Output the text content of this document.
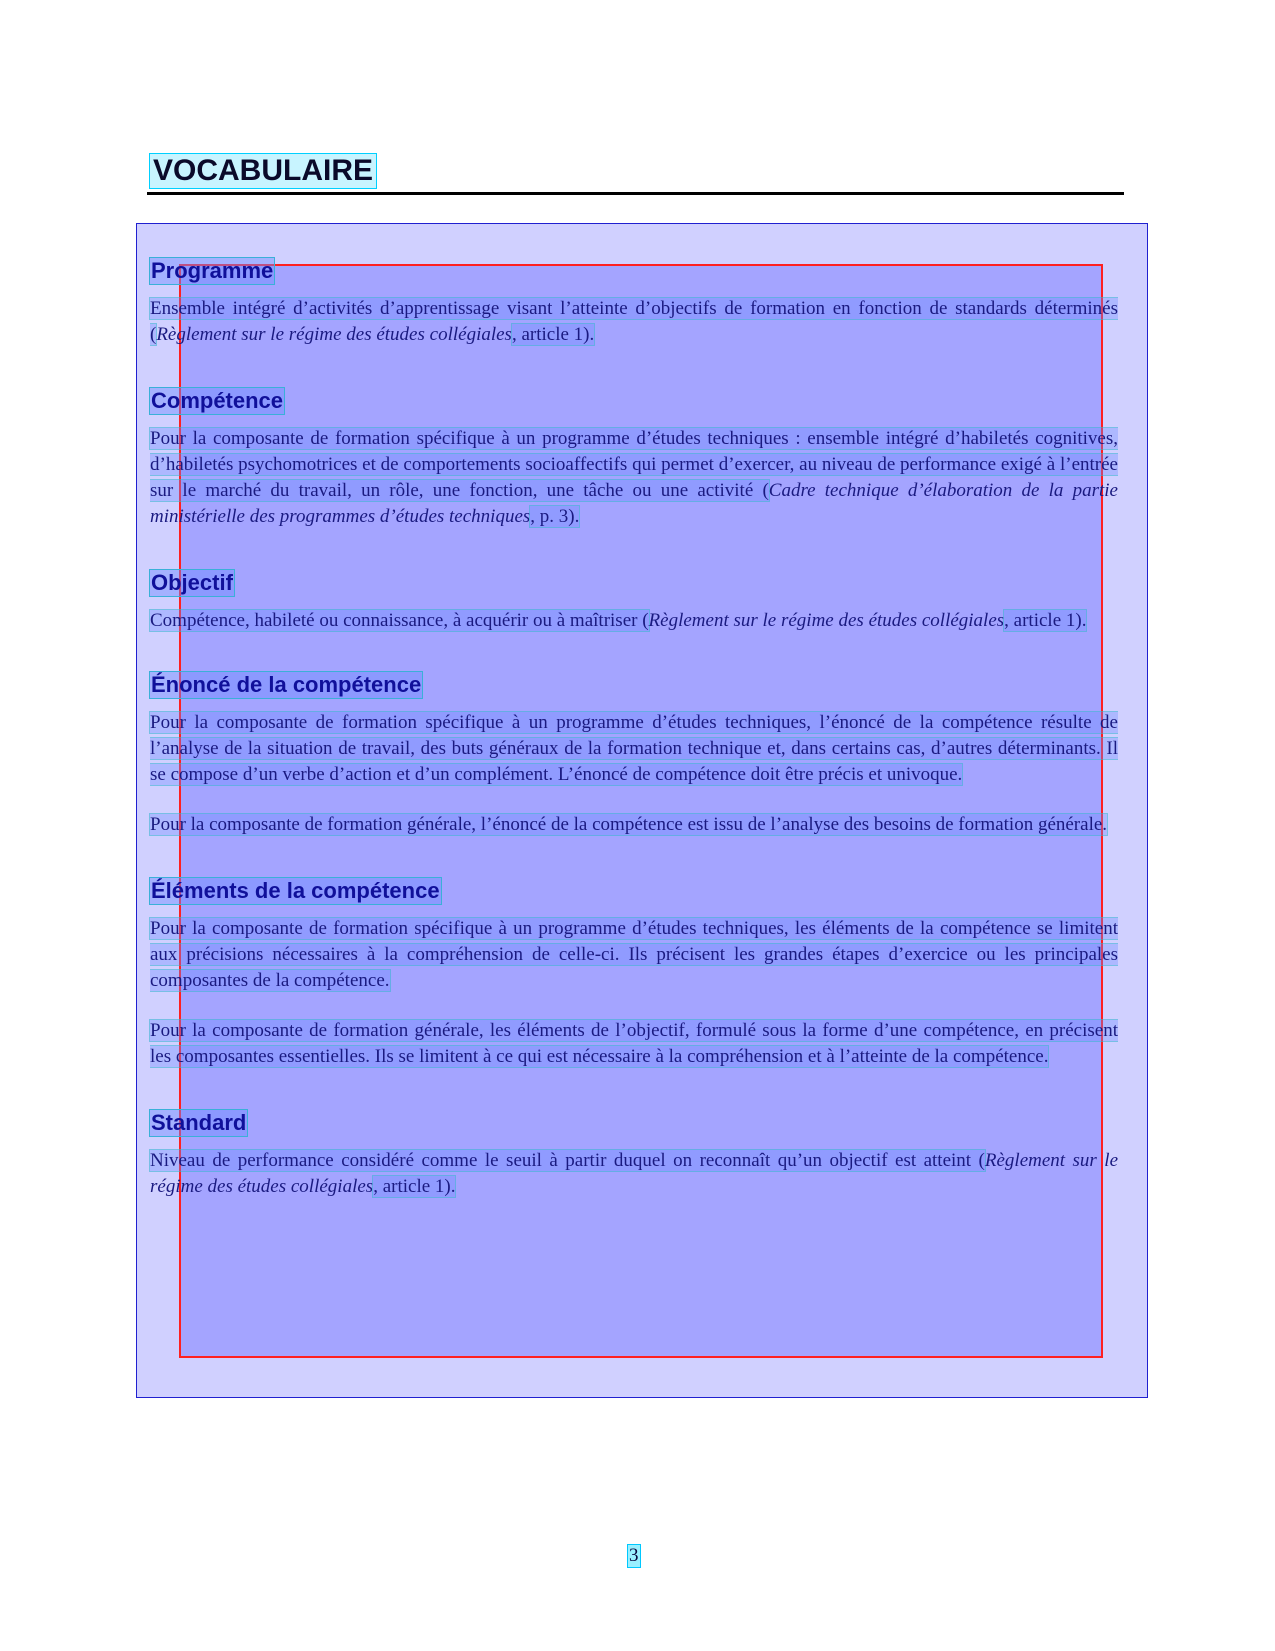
VOCABULAIRE
Programme

Ensemble intégré d’activités d’apprentissage visant l’atteinte d’objectifs de formation en fonction de standards déterminés (Règlement sur le régime des études collégiales, article 1).

Compétence

Pour la composante de formation spécifique à un programme d’études techniques : ensemble intégré d’habiletés cognitives, d’habiletés psychomotrices et de comportements socioaffectifs qui permet d’exercer, au niveau de performance exigé à l’entrée sur le marché du travail, un rôle, une fonction, une tâche ou une activité (Cadre technique d’élaboration de la partie ministérielle des programmes d’études techniques, p. 3).

Objectif

Compétence, habileté ou connaissance, à acquérir ou à maîtriser (Règlement sur le régime des études collégiales, article 1).

Énoncé de la compétence

Pour la composante de formation spécifique à un programme d’études techniques, l’énoncé de la compétence résulte de l’analyse de la situation de travail, des buts généraux de la formation technique et, dans certains cas, d’autres déterminants. Il se compose d’un verbe d’action et d’un complément. L’énoncé de compétence doit être précis et univoque.

Pour la composante de formation générale, l’énoncé de la compétence est issu de l’analyse des besoins de formation générale.

Éléments de la compétence

Pour la composante de formation spécifique à un programme d’études techniques, les éléments de la compétence se limitent aux précisions nécessaires à la compréhension de celle-ci. Ils précisent les grandes étapes d’exercice ou les principales composantes de la compétence.

Pour la composante de formation générale, les éléments de l’objectif, formulé sous la forme d’une compétence, en précisent les composantes essentielles. Ils se limitent à ce qui est nécessaire à la compréhension et à l’atteinte de la compétence.

Standard

Niveau de performance considéré comme le seuil à partir duquel on reconnaît qu’un objectif est atteint (Règlement sur le régime des études collégiales, article 1).

3
